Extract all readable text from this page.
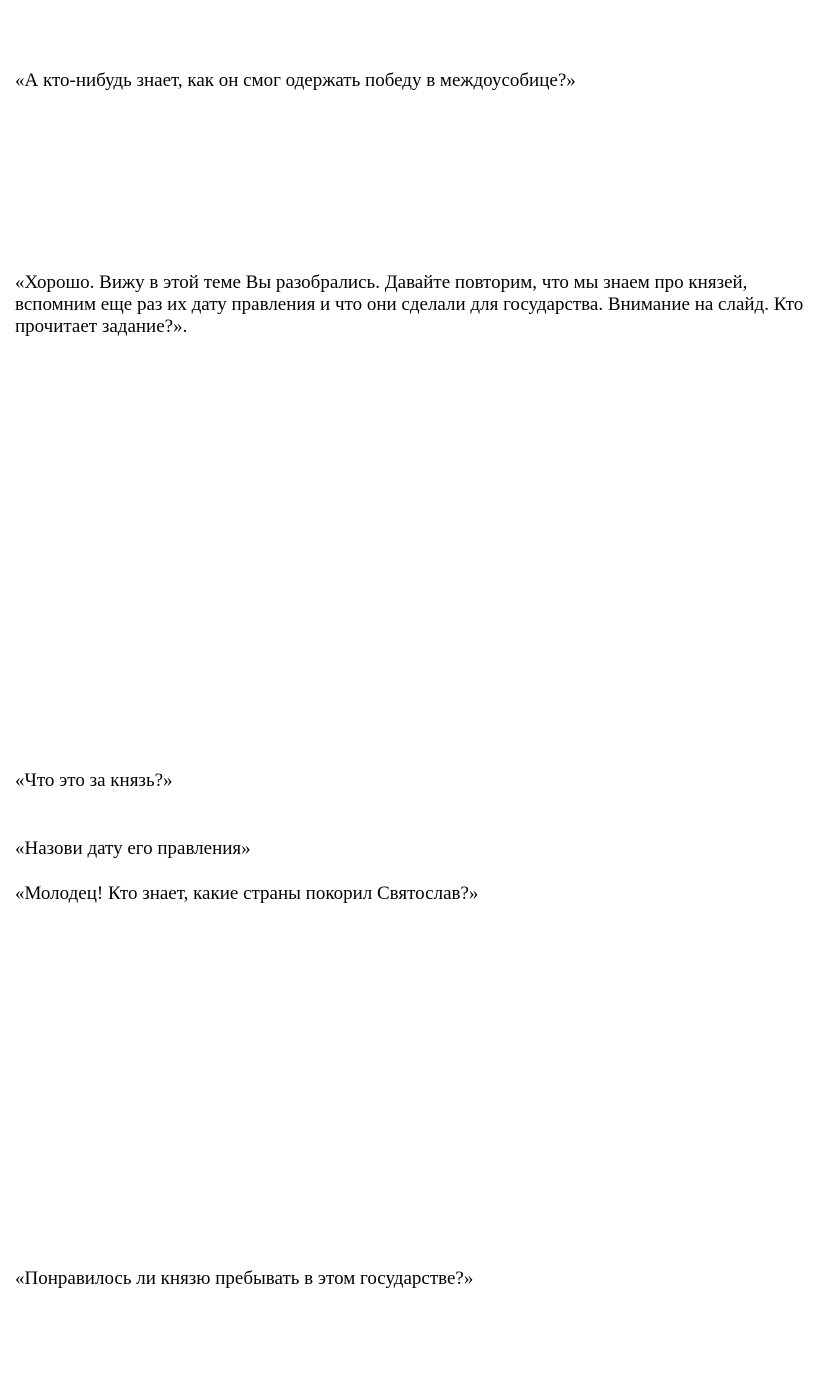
«А кто-нибудь знает, как он смог одержать победу в междоусобице?»

«Хорошо. Вижу в этой теме Вы разобрались. Давайте повторим, что мы знаем про князей, вспомним еще раз их дату правления и что они сделали для государства. Внимание на слайд. Кто прочитает задание?».

«Что это за князь?»

«Назови дату его правления»

«Молодец! Кто знает, какие страны покорил Святослав?»

«Понравилось ли князю пребывать в этом государстве?»
